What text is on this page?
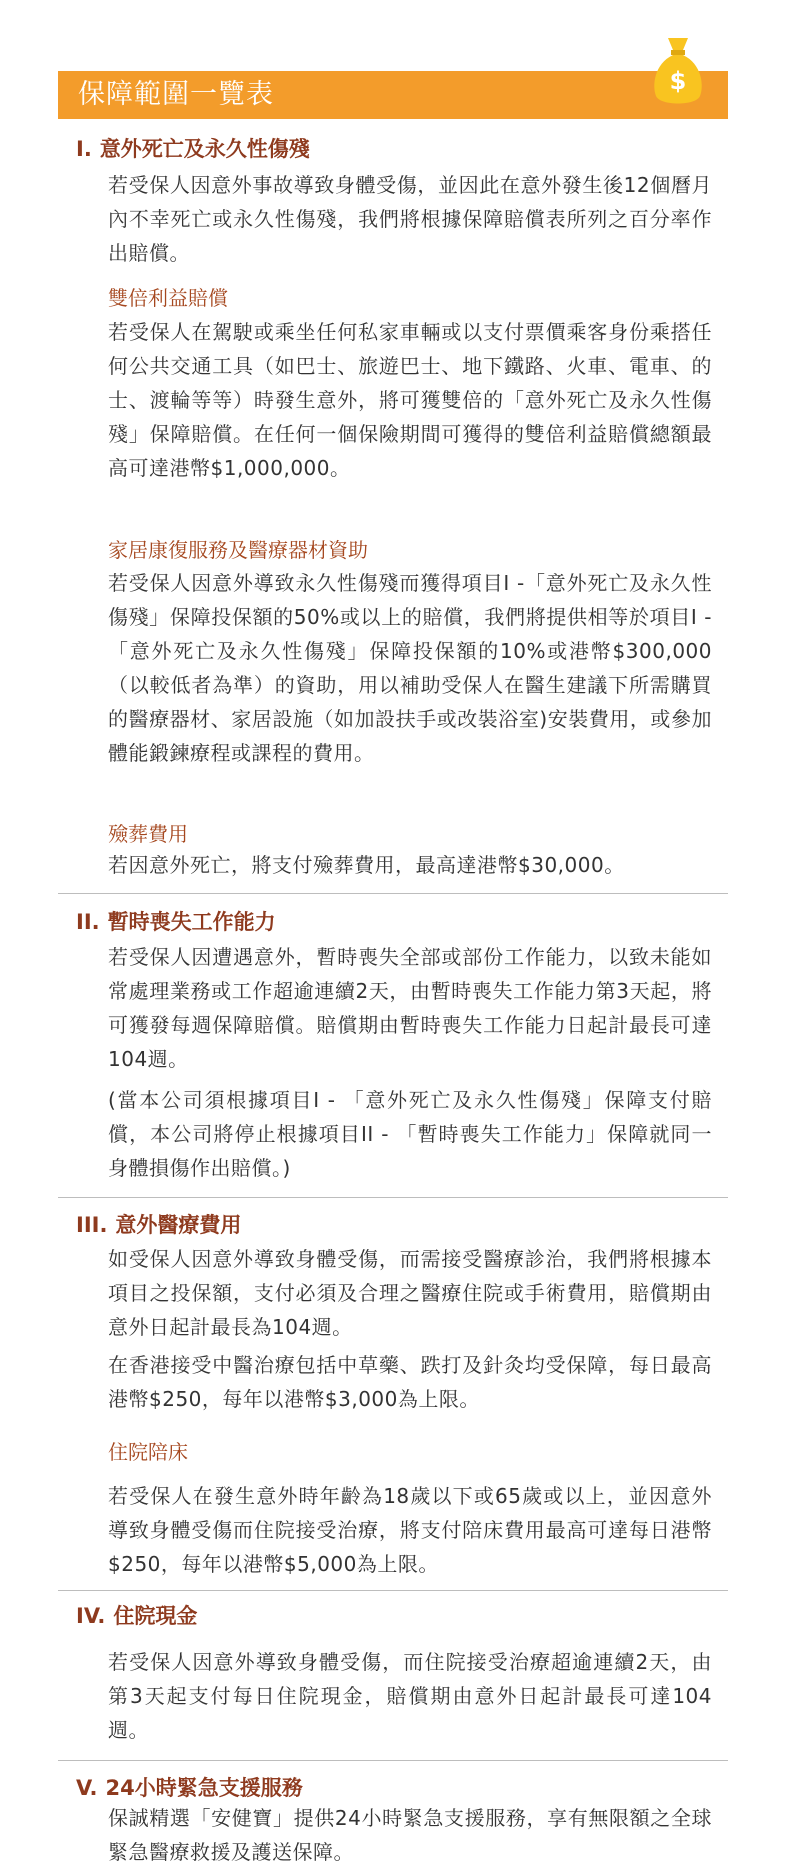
保障範圍一覽表	$
I. 意外死亡及永久性傷殘
若受保人因意外事故導致身體受傷，並因此在意外發生後12個曆月內不幸死亡或永久性傷殘，我們將根據保障賠償表所列之百分率作出賠償。
雙倍利益賠償
若受保人在駕駛或乘坐任何私家車輛或以支付票價乘客身份乘搭任何公共交通工具（如巴士、旅遊巴士、地下鐵路、火車、電車、的士、渡輪等等）時發生意外，將可獲雙倍的「意外死亡及永久性傷殘」保障賠償。在任何一個保險期間可獲得的雙倍利益賠償總額最高可達港幣$1,000,000。
家居康復服務及醫療器材資助
若受保人因意外導致永久性傷殘而獲得項目I -「意外死亡及永久性傷殘」保障投保額的50%或以上的賠償，我們將提供相等於項目I -「意外死亡及永久性傷殘」保障投保額的10%或港幣$300,000（以較低者為準）的資助，用以補助受保人在醫生建議下所需購買的醫療器材、家居設施（如加設扶手或改裝浴室)安裝費用，或參加體能鍛鍊療程或課程的費用。
殮葬費用
若因意外死亡，將支付殮葬費用，最高達港幣$30,000。
II. 暫時喪失工作能力
若受保人因遭遇意外，暫時喪失全部或部份工作能力，以致未能如常處理業務或工作超逾連續2天，由暫時喪失工作能力第3天起，將可獲發每週保障賠償。賠償期由暫時喪失工作能力日起計最長可達104週。
(當本公司須根據項目I - 「意外死亡及永久性傷殘」保障支付賠償，本公司將停止根據項目II - 「暫時喪失工作能力」保障就同一身體損傷作出賠償。)
III. 意外醫療費用
如受保人因意外導致身體受傷，而需接受醫療診治，我們將根據本項目之投保額，支付必須及合理之醫療住院或手術費用，賠償期由意外日起計最長為104週。
在香港接受中醫治療包括中草藥、跌打及針灸均受保障，每日最高港幣$250，每年以港幣$3,000為上限。
住院陪床
若受保人在發生意外時年齡為18歲以下或65歲或以上，並因意外導致身體受傷而住院接受治療，將支付陪床費用最高可達每日港幣$250，每年以港幣$5,000為上限。
IV. 住院現金
若受保人因意外導致身體受傷，而住院接受治療超逾連續2天，由第3天起支付每日住院現金，賠償期由意外日起計最長可達104週。
V. 24小時緊急支援服務
保誠精選「安健寶」提供24小時緊急支援服務，享有無限額之全球緊急醫療救援及護送保障。
